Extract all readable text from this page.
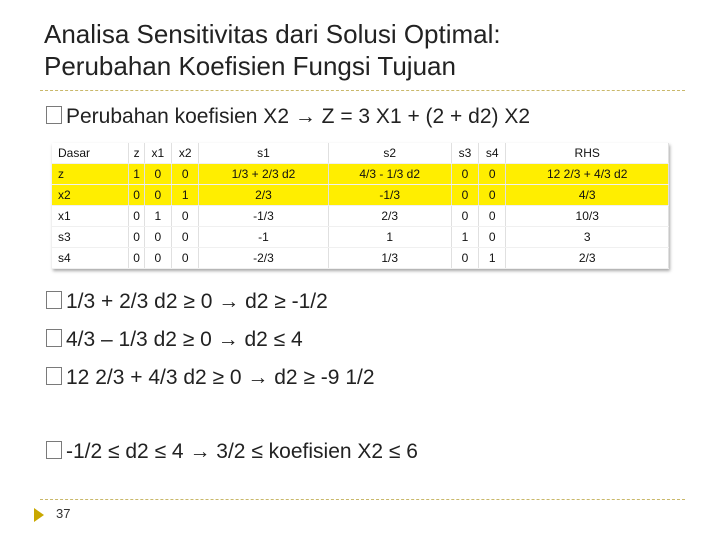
Analisa Sensitivitas dari Solusi Optimal:
Perubahan Koefisien Fungsi Tujuan
Perubahan koefisien X2 → Z = 3 X1 + (2 + d2) X2
Dasar	z	x1	x2	s1	s2	s3	s4	RHS
z	1	0	0	1/3 + 2/3 d2	4/3 - 1/3 d2	0	0	12 2/3 + 4/3 d2
x2	0	0	1	2/3	-1/3	0	0	4/3
x1	0	1	0	-1/3	2/3	0	0	10/3
s3	0	0	0	-1	1	1	0	3
s4	0	0	0	-2/3	1/3	0	1	2/3
1/3 + 2/3 d2 ≥ 0 → d2 ≥ -1/2
4/3 – 1/3 d2 ≥ 0 → d2 ≤ 4
12 2/3 + 4/3 d2 ≥ 0 → d2 ≥ -9 1/2
-1/2 ≤ d2 ≤ 4 → 3/2 ≤ koefisien X2 ≤ 6
37
